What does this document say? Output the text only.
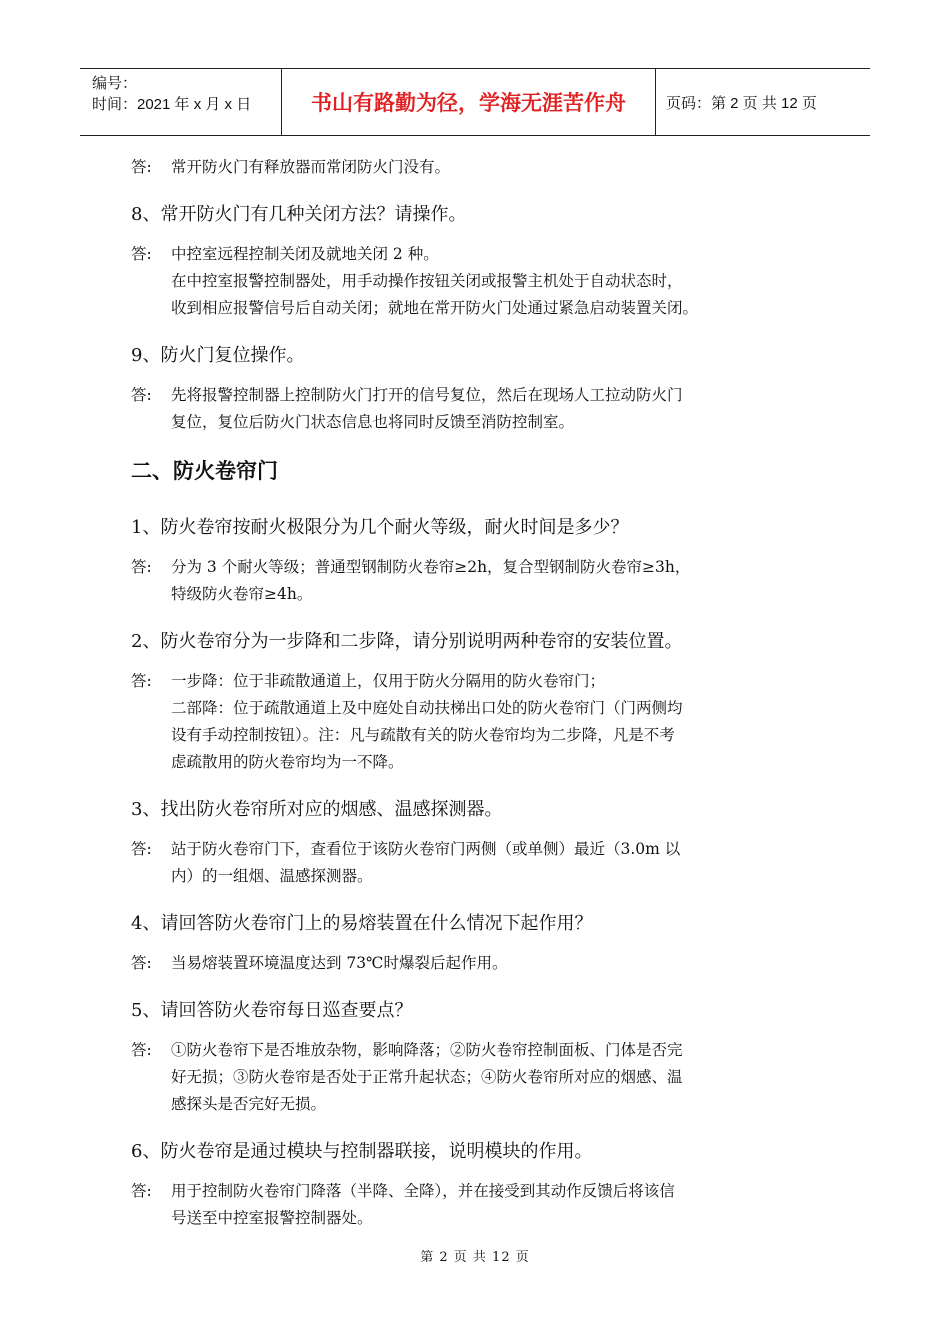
编号：
时间：2021 年 x 月 x 日	书山有路勤为径，学海无涯苦作舟	页码：第 2 页 共 12 页
答: 常开防火门有释放器而常闭防火门没有。
8、常开防火门有几种关闭方法？请操作。
答: 中控室远程控制关闭及就地关闭 2 种。
在中控室报警控制器处，用手动操作按钮关闭或报警主机处于自动状态时，
收到相应报警信号后自动关闭；就地在常开防火门处通过紧急启动装置关闭。
9、防火门复位操作。
答: 先将报警控制器上控制防火门打开的信号复位，然后在现场人工拉动防火门
复位，复位后防火门状态信息也将同时反馈至消防控制室。
二、防火卷帘门
1、防火卷帘按耐火极限分为几个耐火等级，耐火时间是多少？
答: 分为 3 个耐火等级；普通型钢制防火卷帘≥2h，复合型钢制防火卷帘≥3h，
特级防火卷帘≥4h。
2、防火卷帘分为一步降和二步降，请分别说明两种卷帘的安装位置。
答: 一步降：位于非疏散通道上，仅用于防火分隔用的防火卷帘门；
二部降：位于疏散通道上及中庭处自动扶梯出口处的防火卷帘门（门两侧均
设有手动控制按钮）。注：凡与疏散有关的防火卷帘均为二步降，凡是不考
虑疏散用的防火卷帘均为一不降。
3、找出防火卷帘所对应的烟感、温感探测器。
答: 站于防火卷帘门下，查看位于该防火卷帘门两侧（或单侧）最近（3.0m 以
内）的一组烟、温感探测器。
4、请回答防火卷帘门上的易熔装置在什么情况下起作用？
答: 当易熔装置环境温度达到 73℃时爆裂后起作用。
5、请回答防火卷帘每日巡查要点？
答: ①防火卷帘下是否堆放杂物，影响降落；②防火卷帘控制面板、门体是否完
好无损；③防火卷帘是否处于正常升起状态；④防火卷帘所对应的烟感、温
感探头是否完好无损。
6、防火卷帘是通过模块与控制器联接，说明模块的作用。
答: 用于控制防火卷帘门降落（半降、全降），并在接受到其动作反馈后将该信
号送至中控室报警控制器处。
第 2 页 共 12 页
